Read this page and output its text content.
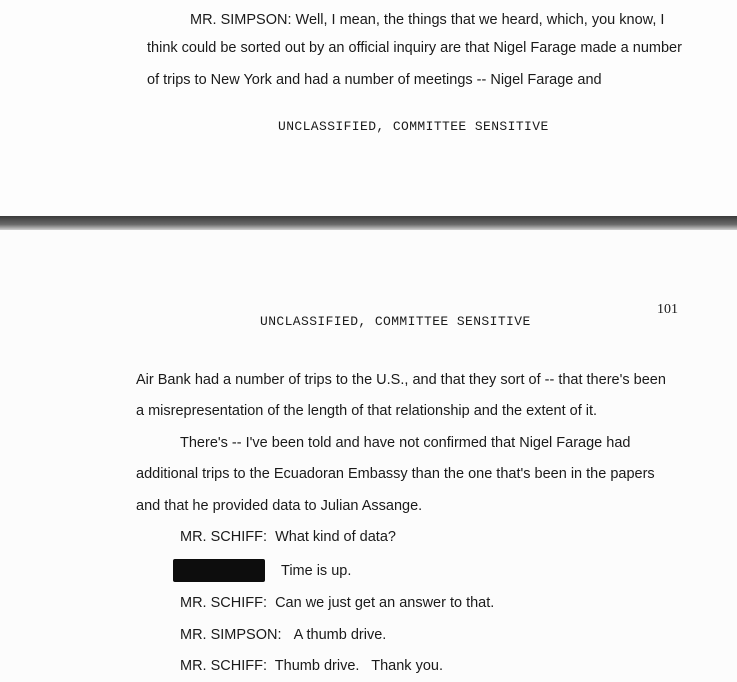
MR. SIMPSON: Well, I mean, the things that we heard, which, you know, I
think could be sorted out by an official inquiry are that Nigel Farage made a number
of trips to New York and had a number of meetings -- Nigel Farage and
UNCLASSIFIED, COMMITTEE SENSITIVE
101
UNCLASSIFIED, COMMITTEE SENSITIVE
Air Bank had a number of trips to the U.S., and that they sort of -- that there's been
a misrepresentation of the length of that relationship and the extent of it.
There's -- I've been told and have not confirmed that Nigel Farage had
additional trips to the Ecuadoran Embassy than the one that's been in the papers
and that he provided data to Julian Assange.
MR. SCHIFF: What kind of data?
Time is up.
MR. SCHIFF: Can we just get an answer to that.
MR. SIMPSON: A thumb drive.
MR. SCHIFF: Thumb drive.   Thank you.
